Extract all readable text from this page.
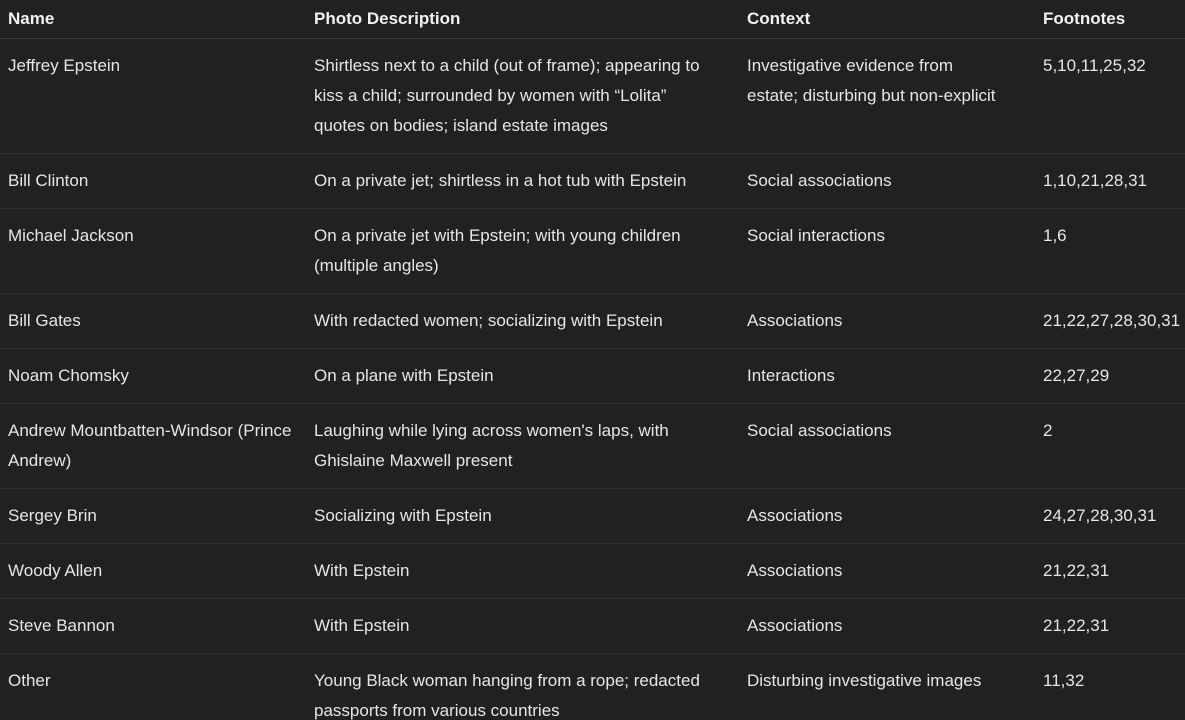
Name	Photo Description	Context	Footnotes
Jeffrey Epstein	Shirtless next to a child (out of frame); appearing to kiss a child; surrounded by women with “Lolita” quotes on bodies; island estate images	Investigative evidence from estate; disturbing but non-explicit	5,10,11,25,32
Bill Clinton	On a private jet; shirtless in a hot tub with Epstein	Social associations	1,10,21,28,31
Michael Jackson	On a private jet with Epstein; with young children (multiple angles)	Social interactions	1,6
Bill Gates	With redacted women; socializing with Epstein	Associations	21,22,27,28,30,31
Noam Chomsky	On a plane with Epstein	Interactions	22,27,29
Andrew Mountbatten-Windsor (Prince Andrew)	Laughing while lying across women's laps, with Ghislaine Maxwell present	Social associations	2
Sergey Brin	Socializing with Epstein	Associations	24,27,28,30,31
Woody Allen	With Epstein	Associations	21,22,31
Steve Bannon	With Epstein	Associations	21,22,31
Other	Young Black woman hanging from a rope; redacted passports from various countries	Disturbing investigative images	11,32
